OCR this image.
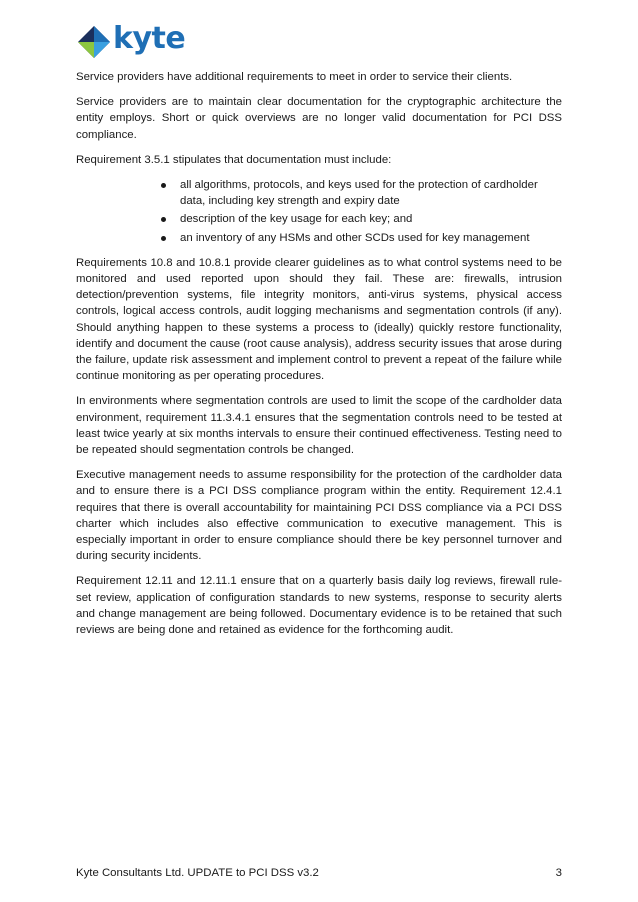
kyte

Service providers have additional requirements to meet in order to service their clients.

Service providers are to maintain clear documentation for the cryptographic architecture the entity employs. Short or quick overviews are no longer valid documentation for PCI DSS compliance.

Requirement 3.5.1 stipulates that documentation must include:

all algorithms, protocols, and keys used for the protection of cardholder data, including key strength and expiry date
description of the key usage for each key; and
an inventory of any HSMs and other SCDs used for key management

Requirements 10.8 and 10.8.1 provide clearer guidelines as to what control systems need to be monitored and used reported upon should they fail. These are: firewalls, intrusion detection/prevention systems, file integrity monitors, anti-virus systems, physical access controls, logical access controls, audit logging mechanisms and segmentation controls (if any). Should anything happen to these systems a process to (ideally) quickly restore functionality, identify and document the cause (root cause analysis), address security issues that arose during the failure, update risk assessment and implement control to prevent a repeat of the failure while continue monitoring as per operating procedures.

In environments where segmentation controls are used to limit the scope of the cardholder data environment, requirement 11.3.4.1 ensures that the segmentation controls need to be tested at least twice yearly at six months intervals to ensure their continued effectiveness. Testing need to be repeated should segmentation controls be changed.

Executive management needs to assume responsibility for the protection of the cardholder data and to ensure there is a PCI DSS compliance program within the entity. Requirement 12.4.1 requires that there is overall accountability for maintaining PCI DSS compliance via a PCI DSS charter which includes also effective communication to executive management. This is especially important in order to ensure compliance should there be key personnel turnover and during security incidents.

Requirement 12.11 and 12.11.1 ensure that on a quarterly basis daily log reviews, firewall rule-set review, application of configuration standards to new systems, response to security alerts and change management are being followed. Documentary evidence is to be retained that such reviews are being done and retained as evidence for the forthcoming audit.

Kyte Consultants Ltd. UPDATE to PCI DSS v3.2	3
